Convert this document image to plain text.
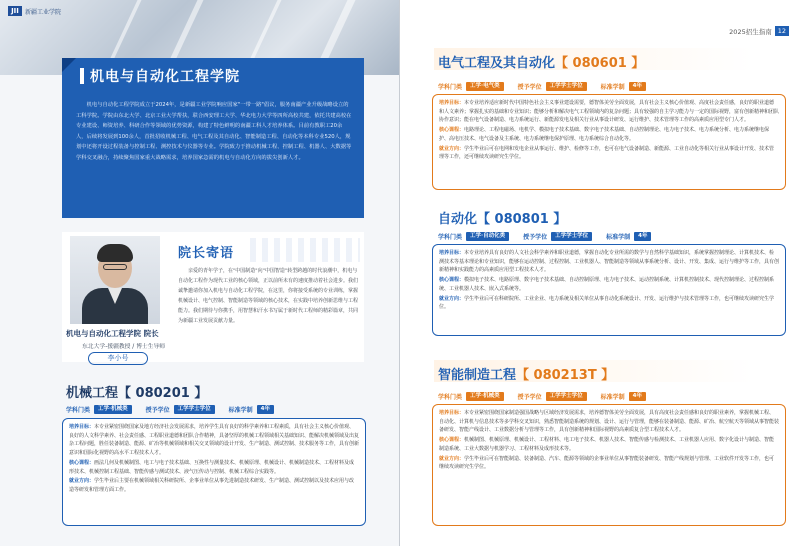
JII	新疆工业学院
机电与自动化工程学院
机电与自动化工程学院成立于2024年，是新疆工业学院响应国家"一带一路"倡议，服务南疆产业升级战略设立的工科学院。学院由东北大学、北京工业大学帮扶，联合西安理工大学、华北电力大学等四所高校共建，依托共建高校在专业建设、师资培养、科研合作等领域的优势资源，构建了特色鲜明的南疆工科人才培养体系。目前有教职工20余人，后续将发展到100余人，首批招收机械工程、电气工程及其自动化、智能制造工程、自动化等本科专业520人，规划中还将开设过程装备与控制工程、测控技术与仪器等专业。学院致力于推动机械工程、控制工程、机器人、大数据等学科交叉融合，持续聚焦国家重大战略需求，培养国家急需的机电与自动化方向的拔尖创新人才。
机电与自动化工程学院 院长
东北大学-援疆教授 / 博士生导师
李小号
院长寄语
亲爱的青年学子，在"中国制造"向"中国智造"转型跨越的时代浪潮中，机电与自动化工程作为现代工业的核心领域，正以前所未有的速度推动着社会进步。我们诚挚邀请你加入机电与自动化工程学院，在这里，你将接受系统的专业训练，掌握机械设计、电气控制、智能制造等领域的核心技术，在实践中培养创新思维与工程能力。我们期待与你携手，用智慧和汗水书写属于新时代工程师的精彩篇章，共同为新疆工业发展贡献力量。
机械工程【 080201 】
学科门类	工学·机械类	授予学位	工学学士学位	标准学制	4年

培养目标：本专业紧密围绕国家及地方经济社会发展需求，培养学生具有良好的科学素养和工程素质，具有社会主义核心价值观、良好的人文科学素养、社会责任感、工程职业道德和团队合作精神，具备坚厚的机械工程领域相关基础知识、能解决机械领域及出复杂工程问题，胜任装备制造、能源、矿冶等机械领域和相关交叉领域的设计开发、生产制造、测试控制、技术服务等工作，具有创新意识和国际化视野的高水平工程技术人才。

核心课程：画法几何及机械制图、电工与电子技术基础、互换性与测量技术、机械原理、机械设计、机械制造技术、工程材料及成形技术、机械控制工程基础、智能传感与测试技术、液气压传动与控制、机械工程综合实践等。

就业方向：学生毕业后主要在机械领域相关科研院所、企事业单位从事先进制造技术研发、生产制造、测试控制以及技术应用与改造等研发和管理方面工作。

2025招生指南 12
电气工程及其自动化【 080601 】
学科门类	工学·电气类	授予学位	工学学士学位	标准学制	4年

培养目标：本专业培养适应新时代中国特色社会主义事业建设需要，德智体美劳全面发展，具有社会主义核心价值观、高度社会责任感，良好的职业道德和人文素养；掌握扎实的基础和专业知识；能够分析和解决电气工程领域内的复杂问题；具有较强的自主学习能力与一定的国际视野，富有创新精神和团队协作意识；能在电气设备制造、电力系统运行、新能源发电及相关行业从事设计研发、运行维护、技术管理等工作的高素质应用型专门人才。

核心课程：电路理论、工程电磁场、电机学、模拟电子技术基础、数字电子技术基础、自动控制理论、电力电子技术、电力系统分析、电力系统继电保护、高电压技术、电气设备及主系统、电力系统继电保护原理、电力系统综合自动化等。

就业方向：学生毕业后可在电网和发电企业从事运行、维护、检修等工作，也可在电气设备制造、新能源、工业自动化等相关行业从事设计开发、技术管理等工作，还可继续攻读研究生学位。

自动化【 080801 】
学科门类	工学·自动化类	授予学位	工学学士学位	标准学制	4年

培养目标：本专业培养具有良好的人文社会科学素养和职业道德，掌握自动化专业所需的数学与自然科学基础知识，系统掌握控制理论、计算机技术、检测技术等基本理论和专业知识，能够在运动控制、过程控制、工业机器人、智能制造等领域从事系统分析、设计、开发、集成、运行与维护等工作，具有创新精神和实践能力的高素质应用型工程技术人才。

核心课程：模拟电子技术、电路原理、数字电子技术基础、自动控制原理、电力电子技术、运动控制系统、计算机控制技术、现代控制理论、过程控制系统、工业机器人技术、嵌入式系统等。

就业方向：学生毕业后可在科研院所、工业企业、电力系统及相关单位从事自动化系统设计、开发、运行维护与技术管理等工作，也可继续攻读研究生学位。

智能制造工程【 080213T 】
学科门类	工学·机械类	授予学位	工学学士学位	标准学制	4年

培养目标：本专业紧密围绕国家制造强国战略与区域经济发展需求，培养德智体美劳全面发展，具有高度社会责任感和良好的职业素养，掌握机械工程、自动化、计算机与信息技术等多学科交叉知识，熟悉智能制造系统的规划、设计、运行与管理，能够在装备制造、能源、矿冶、航空航天等领域从事智能装备研发、智能产线设计、工业数据分析与管理等工作，具有创新精神和国际视野的高素质复合型工程技术人才。

核心课程：机械制图、机械原理、机械设计、工程材料、电工电子技术、机器人技术、智能传感与检测技术、工业机器人应用、数字化设计与制造、智能制造系统、工业大数据与机器学习、工程材料及成形技术等。

就业方向：学生毕业后可在智能制造、装备制造、汽车、能源等领域的企事业单位从事智能装备研发、智能产线规划与管理、工业软件开发等工作，也可继续攻读研究生学位。
